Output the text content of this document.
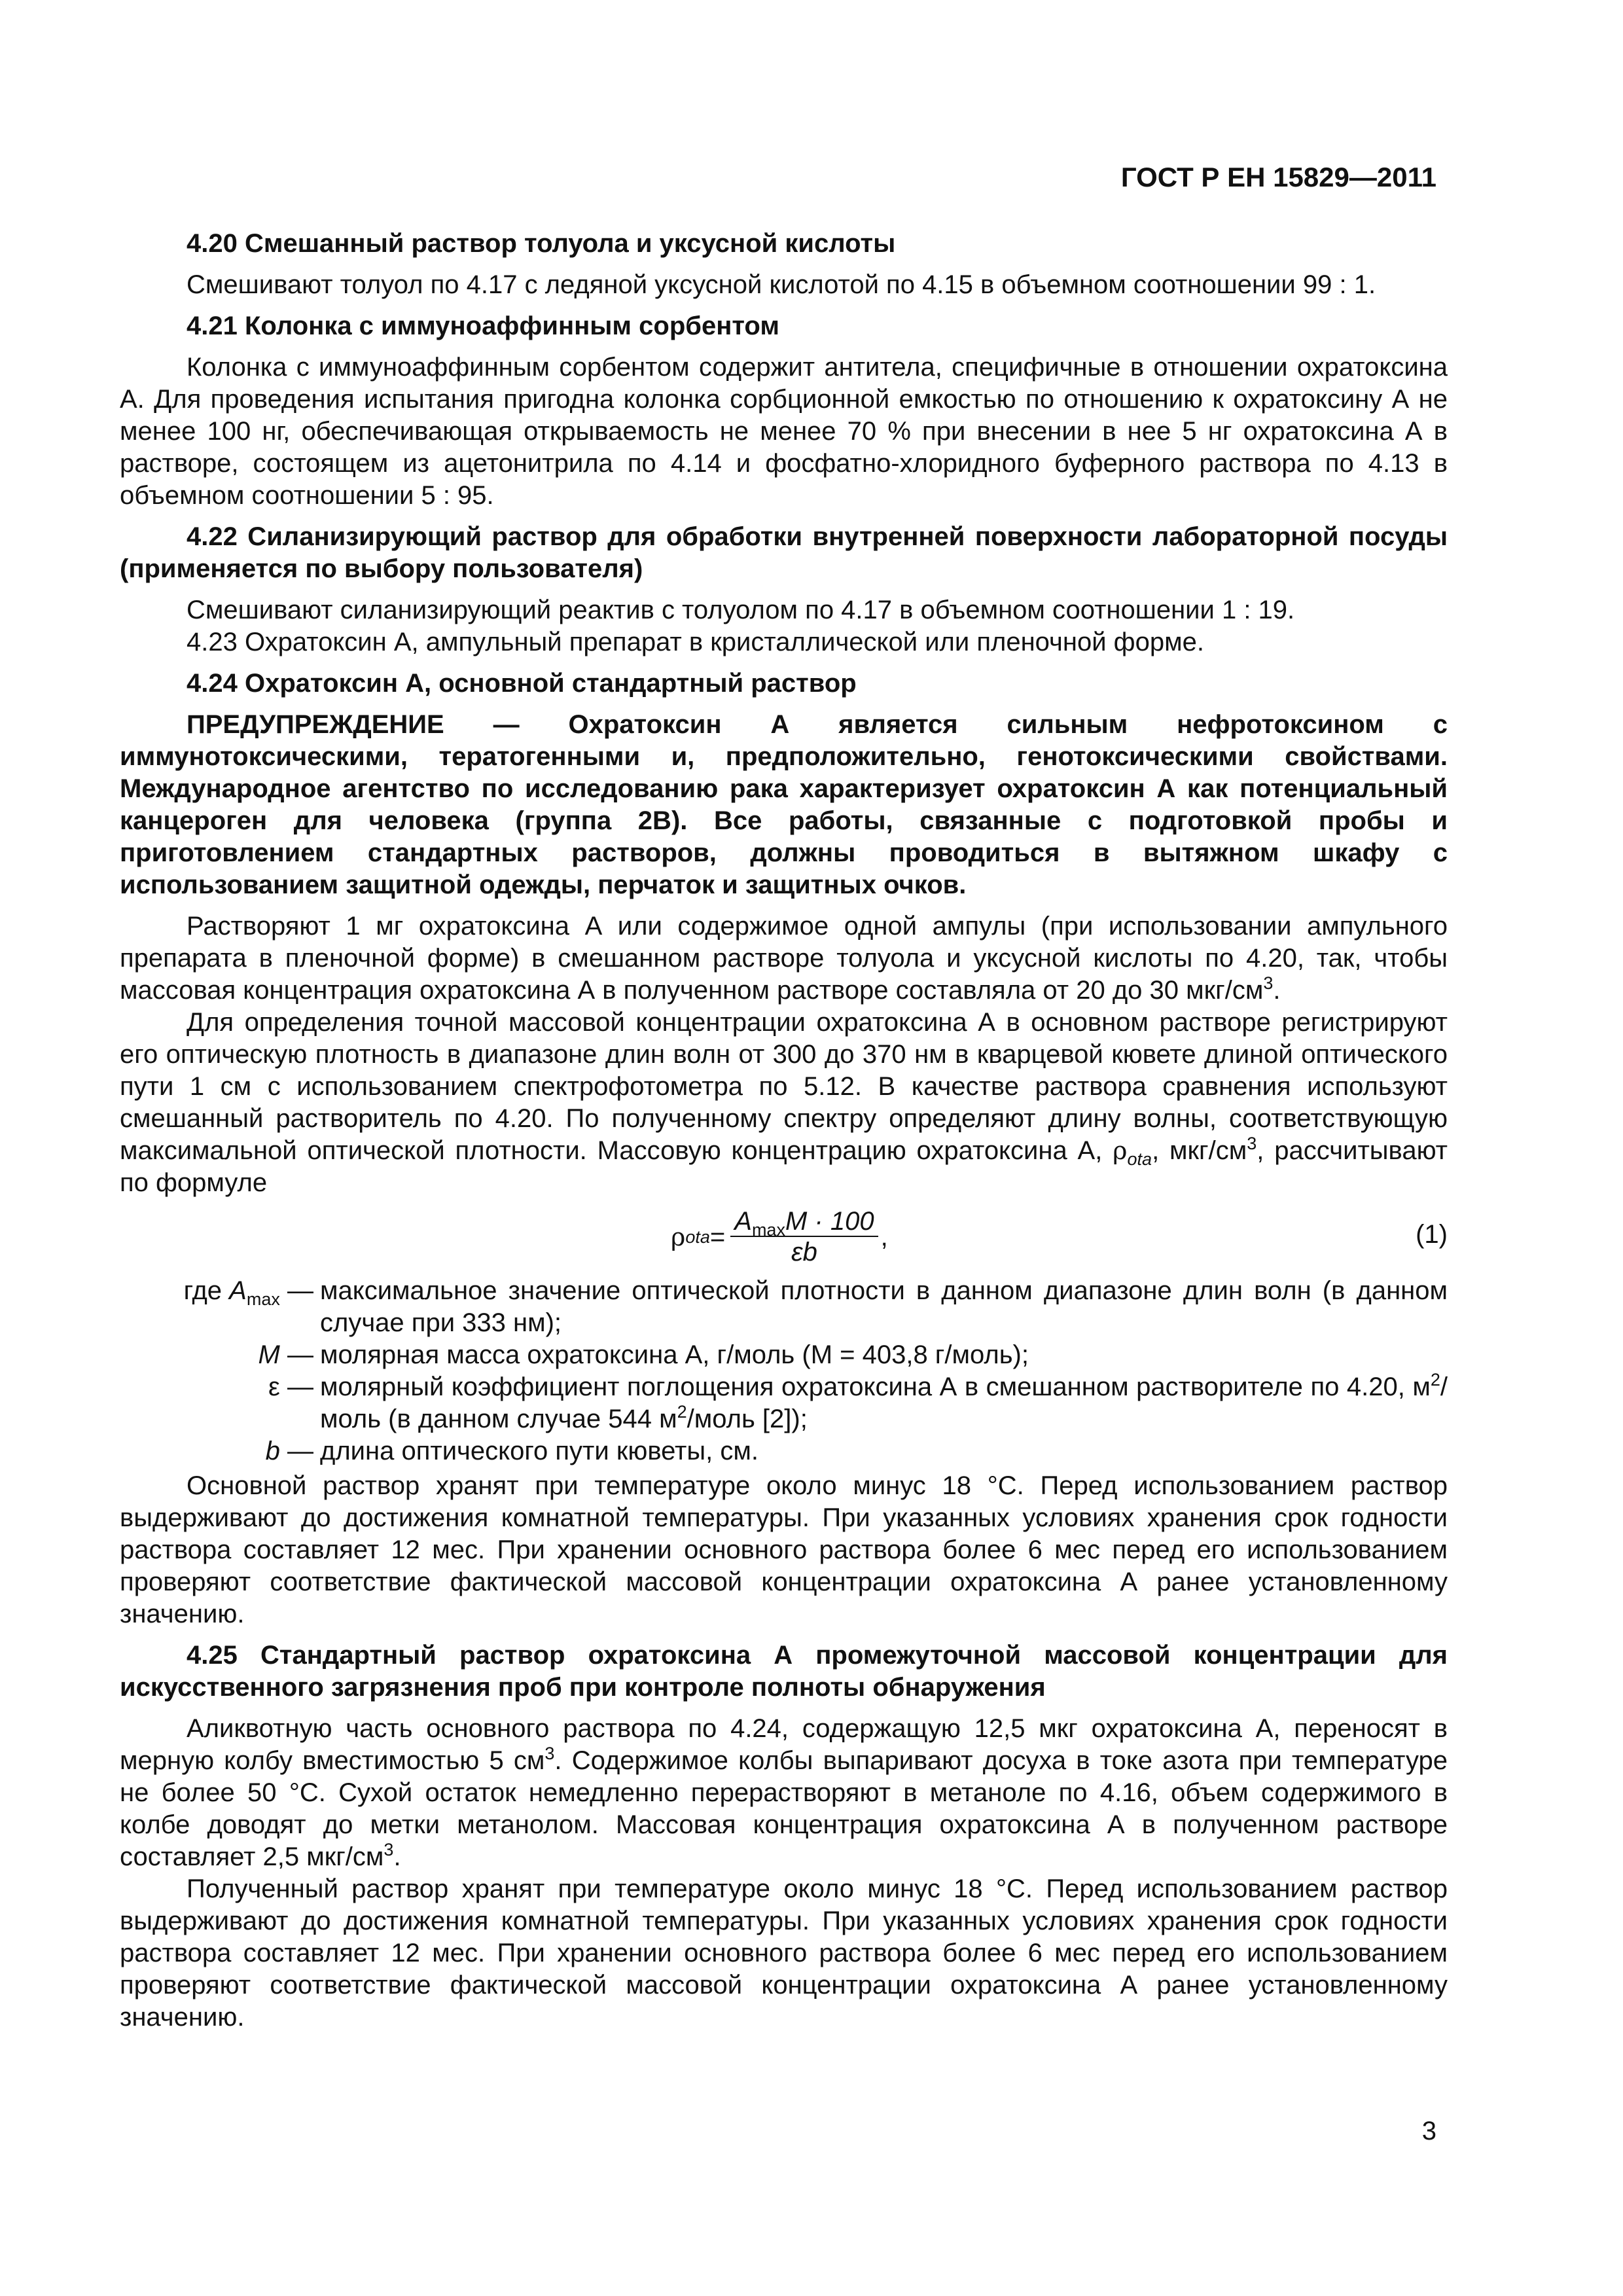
ГОСТ Р ЕН 15829—2011
4.20 Смешанный раствор толуола и уксусной кислоты
Смешивают толуол по 4.17 с ледяной уксусной кислотой по 4.15 в объемном соотношении 99 : 1.
4.21 Колонка с иммуноаффинным сорбентом
Колонка с иммуноаффинным сорбентом содержит антитела, специфичные в отношении охратоксина А. Для проведения испытания пригодна колонка сорбционной емкостью по отношению к охратоксину А не менее 100 нг, обеспечивающая открываемость не менее 70 % при внесении в нее 5 нг охратоксина А в растворе, состоящем из ацетонитрила по 4.14 и фосфатно-хлоридного буферного раствора по 4.13 в объемном соотношении 5 : 95.
4.22 Силанизирующий раствор для обработки внутренней поверхности лабораторной посуды (применяется по выбору пользователя)
Смешивают силанизирующий реактив с толуолом по 4.17 в объемном соотношении 1 : 19.
4.23 Охратоксин А, ампульный препарат в кристаллической или пленочной форме.
4.24 Охратоксин А, основной стандартный раствор
ПРЕДУПРЕЖДЕНИЕ — Охратоксин А является сильным нефротоксином с иммунотоксическими, тератогенными и, предположительно, генотоксическими свойствами. Международное агентство по исследованию рака характеризует охратоксин А как потенциальный канцероген для человека (группа 2В). Все работы, связанные с подготовкой пробы и приготовлением стандартных растворов, должны проводиться в вытяжном шкафу с использованием защитной одежды, перчаток и защитных очков.
Растворяют 1 мг охратоксина А или содержимое одной ампулы (при использовании ампульного препарата в пленочной форме) в смешанном растворе толуола и уксусной кислоты по 4.20, так, чтобы массовая концентрация охратоксина А в полученном растворе составляла от 20 до 30 мкг/$см^3$.
Для определения точной массовой концентрации охратоксина А в основном растворе регистрируют его оптическую плотность в диапазоне длин волн от 300 до 370 нм в кварцевой кювете длиной оптического пути 1 см с использованием спектрофотометра по 5.12. В качестве раствора сравнения используют смешанный растворитель по 4.20. По полученному спектру определяют длину волны, соответствующую максимальной оптической плотности. Массовую концентрацию охратоксина А, $\rho_{ota}$, мкг/$см^3$, рассчитывают по формуле
ρ ota = $\frac{A_{max}M \cdot 100}{\varepsilon b}$ ,	(1)
где $A_{max}$ — максимальное значение оптической плотности в данном диапазоне длин волн (в данном случае при 333 нм);
M — молярная масса охратоксина А, г/моль (М = 403,8 г/моль);
ε — молярный коэффициент поглощения охратоксина А в смешанном растворителе по 4.20, $м^2$/моль (в данном случае 544 $м^2$/моль [2]);
b — длина оптического пути кюветы, см.
Основной раствор хранят при температуре около минус 18 °С. Перед использованием раствор выдерживают до достижения комнатной температуры. При указанных условиях хранения срок годности раствора составляет 12 мес. При хранении основного раствора более 6 мес перед его использованием проверяют соответствие фактической массовой концентрации охратоксина А ранее установленному значению.
4.25 Стандартный раствор охратоксина А промежуточной массовой концентрации для искусственного загрязнения проб при контроле полноты обнаружения
Аликвотную часть основного раствора по 4.24, содержащую 12,5 мкг охратоксина А, переносят в мерную колбу вместимостью 5 $см^3$. Содержимое колбы выпаривают досуха в токе азота при температуре не более 50 °С. Сухой остаток немедленно перерастворяют в метаноле по 4.16, объем содержимого в колбе доводят до метки метанолом. Массовая концентрация охратоксина А в полученном растворе составляет 2,5 мкг/$см^3$.
Полученный раствор хранят при температуре около минус 18 °С. Перед использованием раствор выдерживают до достижения комнатной температуры. При указанных условиях хранения срок годности раствора составляет 12 мес. При хранении основного раствора более 6 мес перед его использованием проверяют соответствие фактической массовой концентрации охратоксина А ранее установленному значению.
3
